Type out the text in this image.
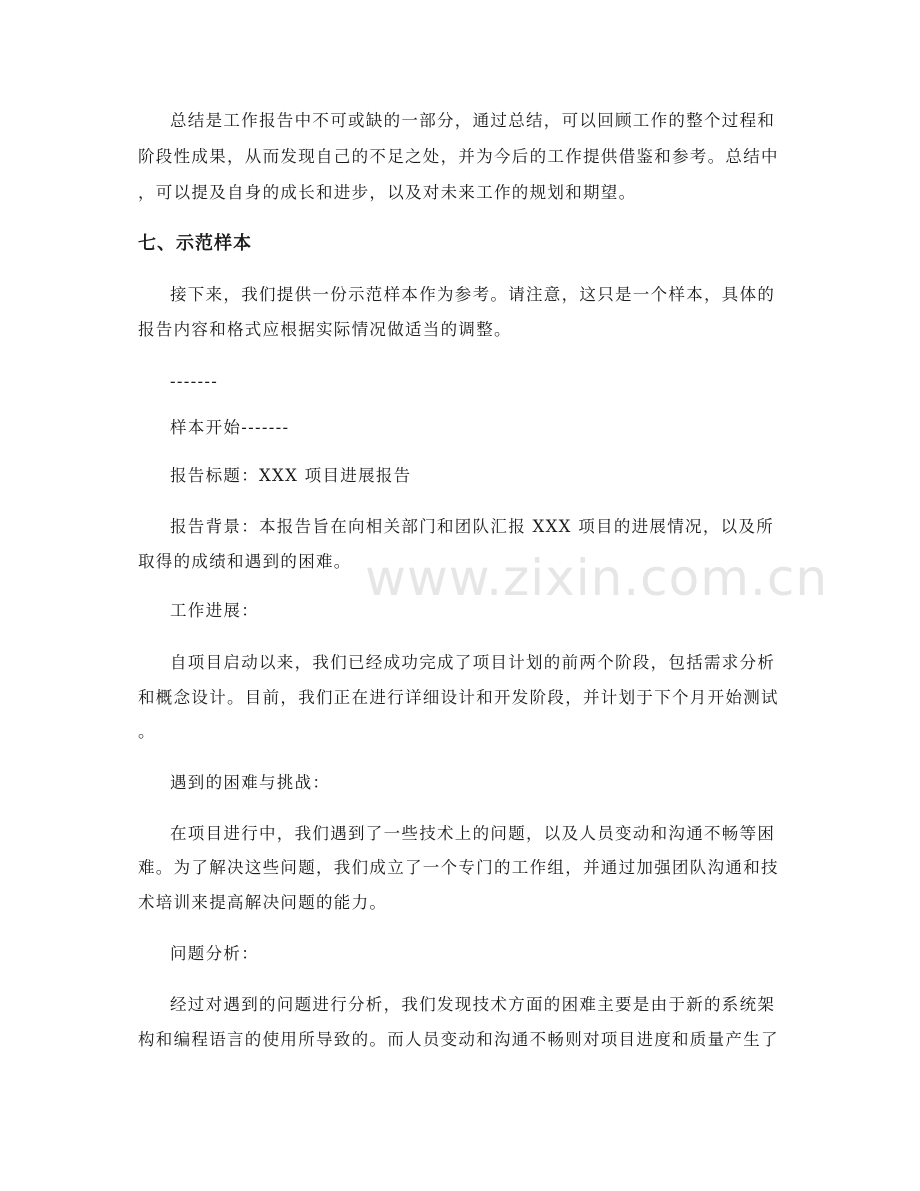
www.zixin.com.cn
总结是工作报告中不可或缺的一部分，通过总结，可以回顾工作的整个过程和
阶段性成果，从而发现自己的不足之处，并为今后的工作提供借鉴和参考。总结中
，可以提及自身的成长和进步，以及对未来工作的规划和期望。
七、示范样本
接下来，我们提供一份示范样本作为参考。请注意，这只是一个样本，具体的
报告内容和格式应根据实际情况做适当的调整。
-------
样本开始-------
报告标题：XXX 项目进展报告
报告背景：本报告旨在向相关部门和团队汇报 XXX 项目的进展情况，以及所
取得的成绩和遇到的困难。
工作进展：
自项目启动以来，我们已经成功完成了项目计划的前两个阶段，包括需求分析
和概念设计。目前，我们正在进行详细设计和开发阶段，并计划于下个月开始测试
。
遇到的困难与挑战：
在项目进行中，我们遇到了一些技术上的问题，以及人员变动和沟通不畅等困
难。为了解决这些问题，我们成立了一个专门的工作组，并通过加强团队沟通和技
术培训来提高解决问题的能力。
问题分析：
经过对遇到的问题进行分析，我们发现技术方面的困难主要是由于新的系统架
构和编程语言的使用所导致的。而人员变动和沟通不畅则对项目进度和质量产生了
